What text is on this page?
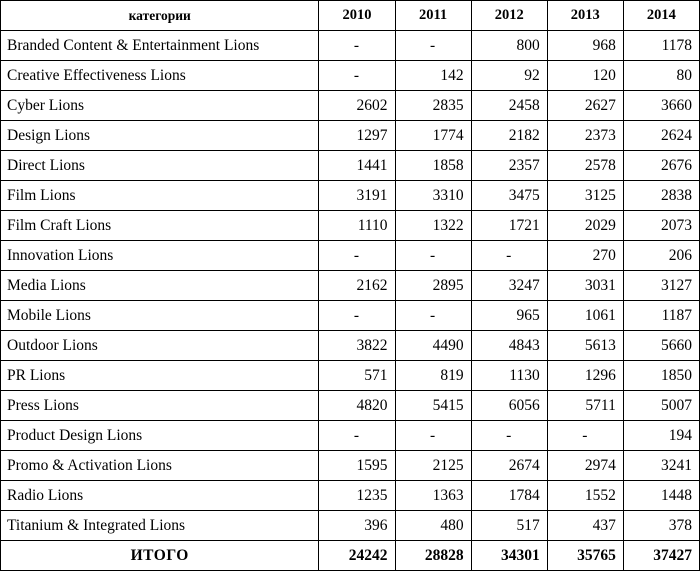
категории	2010	2011	2012	2013	2014
Branded Content & Entertainment Lions	-	-	800	968	1178
Creative Effectiveness Lions	-	142	92	120	80
Cyber Lions	2602	2835	2458	2627	3660
Design Lions	1297	1774	2182	2373	2624
Direct Lions	1441	1858	2357	2578	2676
Film Lions	3191	3310	3475	3125	2838
Film Craft Lions	1110	1322	1721	2029	2073
Innovation Lions	-	-	-	270	206
Media Lions	2162	2895	3247	3031	3127
Mobile Lions	-	-	965	1061	1187
Outdoor Lions	3822	4490	4843	5613	5660
PR Lions	571	819	1130	1296	1850
Press Lions	4820	5415	6056	5711	5007
Product Design Lions	-	-	-	-	194
Promo & Activation Lions	1595	2125	2674	2974	3241
Radio Lions	1235	1363	1784	1552	1448
Titanium & Integrated Lions	396	480	517	437	378
ИТОГО	24242	28828	34301	35765	37427
